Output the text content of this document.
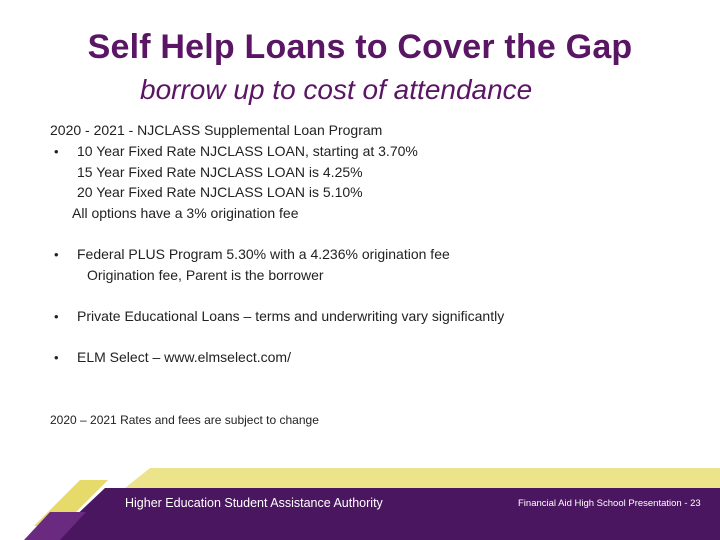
Self Help Loans to Cover the Gap
borrow up to cost of attendance
2020 - 2021 - NJCLASS Supplemental Loan Program
• 10 Year Fixed Rate NJCLASS LOAN, starting at 3.70%
15 Year Fixed Rate NJCLASS LOAN is 4.25%
20 Year Fixed Rate NJCLASS LOAN is 5.10%
All options have a 3% origination fee
• Federal PLUS Program 5.30% with a 4.236% origination fee
Origination fee, Parent is the borrower
• Private Educational Loans – terms and underwriting vary significantly
• ELM Select – www.elmselect.com/
2020 – 2021 Rates and fees are subject to change
Higher Education Student Assistance Authority	Financial Aid High School Presentation - 23
